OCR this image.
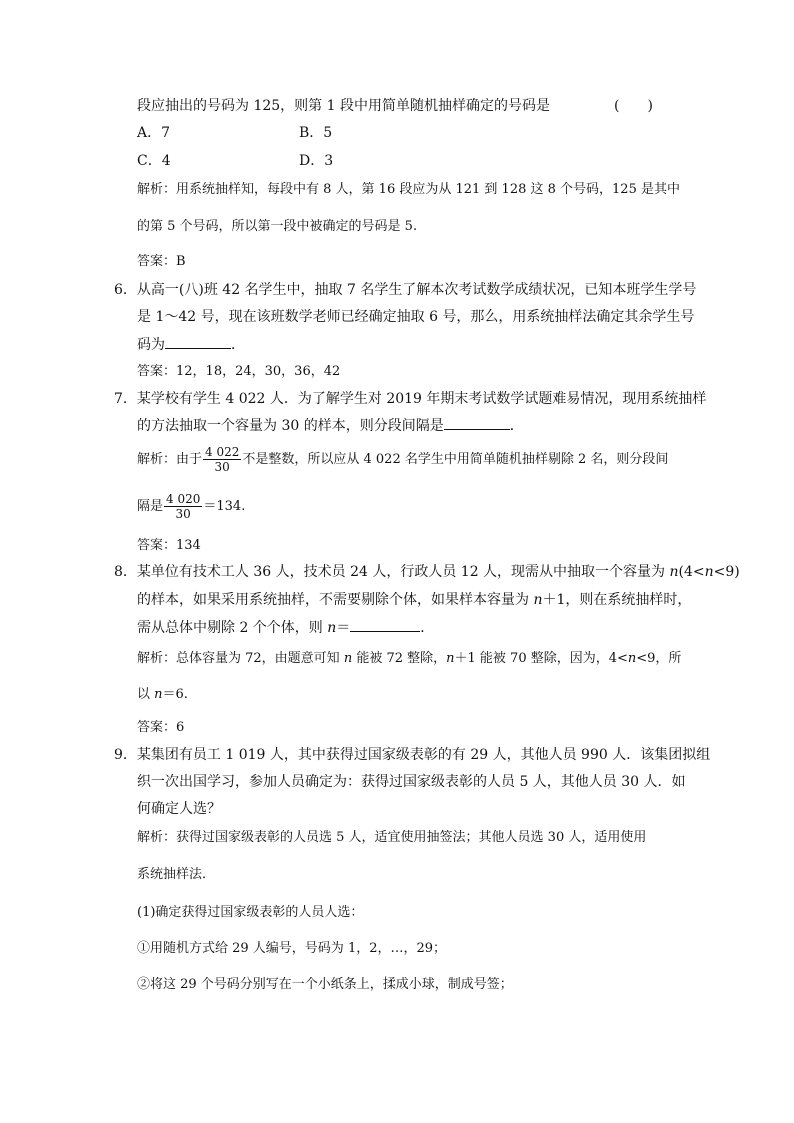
段应抽出的号码为 125，则第 1 段中用简单随机抽样确定的号码是	(　　)
A．7	B．5
C．4	D．3
解析：用系统抽样知，每段中有 8 人，第 16 段应为从 121 到 128 这 8 个号码，125 是其中
的第 5 个号码，所以第一段中被确定的号码是 5.
答案：B
6．从高一(八)班 42 名学生中，抽取 7 名学生了解本次考试数学成绩状况，已知本班学生学号
是 1～42 号，现在该班数学老师已经确定抽取 6 号，那么，用系统抽样法确定其余学生号
码为	．
答案：12，18，24，30，36，42
7．某学校有学生 4 022 人．为了解学生对 2019 年期末考试数学试题难易情况，现用系统抽样
的方法抽取一个容量为 30 的样本，则分段间隔是	．
解析：由于 $\frac{4 022}{30}$ 不是整数，所以应从 4 022 名学生中用简单随机抽样剔除 2 名，则分段间
隔是 $\frac{4 020}{30} =134$.
答案：134
8．某单位有技术工人 36 人，技术员 24 人，行政人员 12 人，现需从中抽取一个容量为 n(4<n<9)
的样本，如果采用系统抽样，不需要剔除个体，如果样本容量为 n＋1，则在系统抽样时，
需从总体中剔除 2 个个体，则 n＝	．
解析：总体容量为 72，由题意可知 n 能被 72 整除，n＋1 能被 70 整除，因为，4<n<9，所
以 n＝6.
答案：6
9．某集团有员工 1 019 人，其中获得过国家级表彰的有 29 人，其他人员 990 人．该集团拟组
织一次出国学习，参加人员确定为：获得过国家级表彰的人员 5 人，其他人员 30 人．如
何确定人选？
解析：获得过国家级表彰的人员选 5 人，适宜使用抽签法；其他人员选 30 人，适用使用
系统抽样法．
(1)确定获得过国家级表彰的人员人选：
①用随机方式给 29 人编号，号码为 1，2，…，29；
②将这 29 个号码分别写在一个小纸条上，揉成小球，制成号签；
